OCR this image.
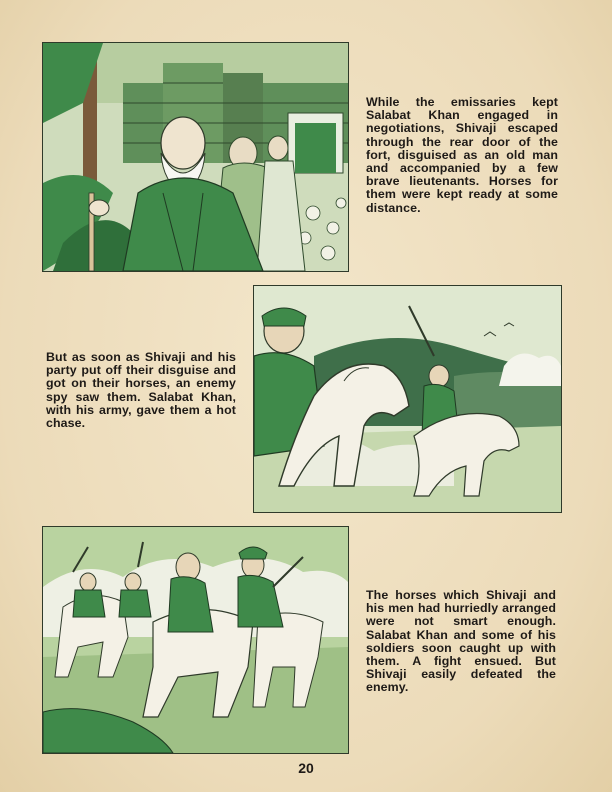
While the emissaries kept Salabat Khan engaged in negotiations, Shivaji escaped through the rear door of the fort, disguised as an old man and accompanied by a few brave lieutenants. Horses for them were kept ready at some distance.
But as soon as Shivaji and his party put off their disguise and got on their horses, an enemy spy saw them. Salabat Khan, with his army, gave them a hot chase.
The horses which Shivaji and his men had hurriedly arranged were not smart enough. Salabat Khan and some of his soldiers soon caught up with them. A fight ensued. But Shivaji easily defeated the enemy.
20
